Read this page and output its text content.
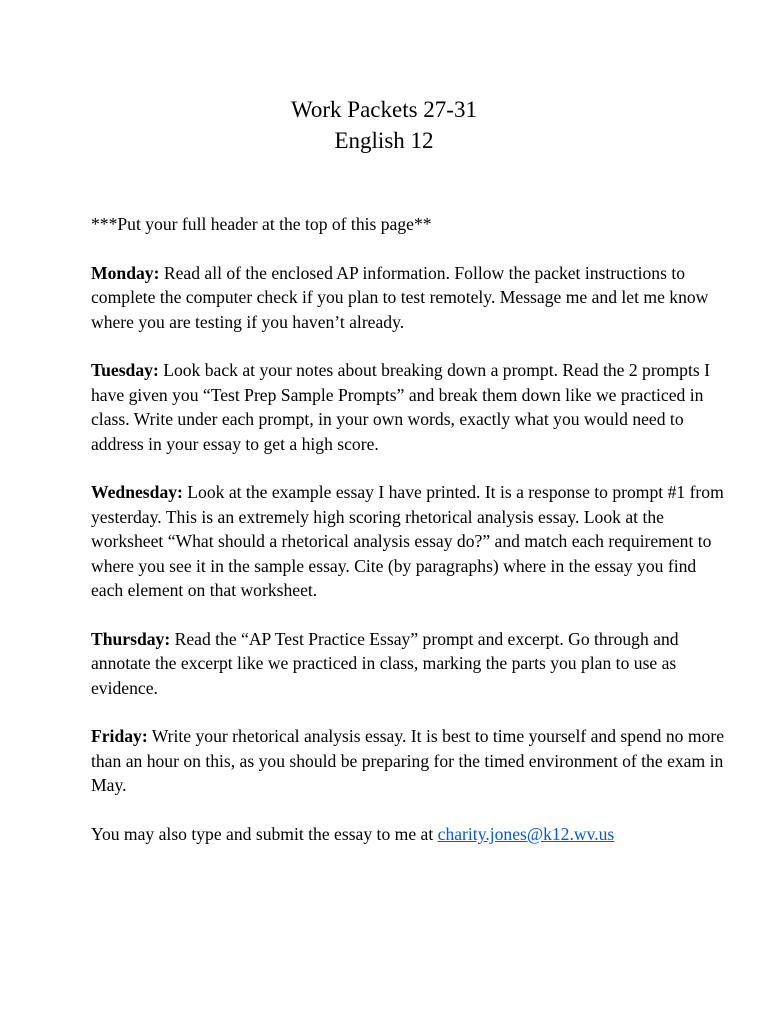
Work Packets 27-31
English 12

***Put your full header at the top of this page**

Monday: Read all of the enclosed AP information. Follow the packet instructions to complete the computer check if you plan to test remotely. Message me and let me know where you are testing if you haven’t already.

Tuesday: Look back at your notes about breaking down a prompt. Read the 2 prompts I have given you “Test Prep Sample Prompts” and break them down like we practiced in class. Write under each prompt, in your own words, exactly what you would need to address in your essay to get a high score.

Wednesday: Look at the example essay I have printed. It is a response to prompt #1 from yesterday. This is an extremely high scoring rhetorical analysis essay. Look at the worksheet “What should a rhetorical analysis essay do?” and match each requirement to where you see it in the sample essay. Cite (by paragraphs) where in the essay you find each element on that worksheet.

Thursday: Read the “AP Test Practice Essay” prompt and excerpt. Go through and annotate the excerpt like we practiced in class, marking the parts you plan to use as evidence.

Friday: Write your rhetorical analysis essay. It is best to time yourself and spend no more than an hour on this, as you should be preparing for the timed environment of the exam in May.

You may also type and submit the essay to me at charity.jones@k12.wv.us
